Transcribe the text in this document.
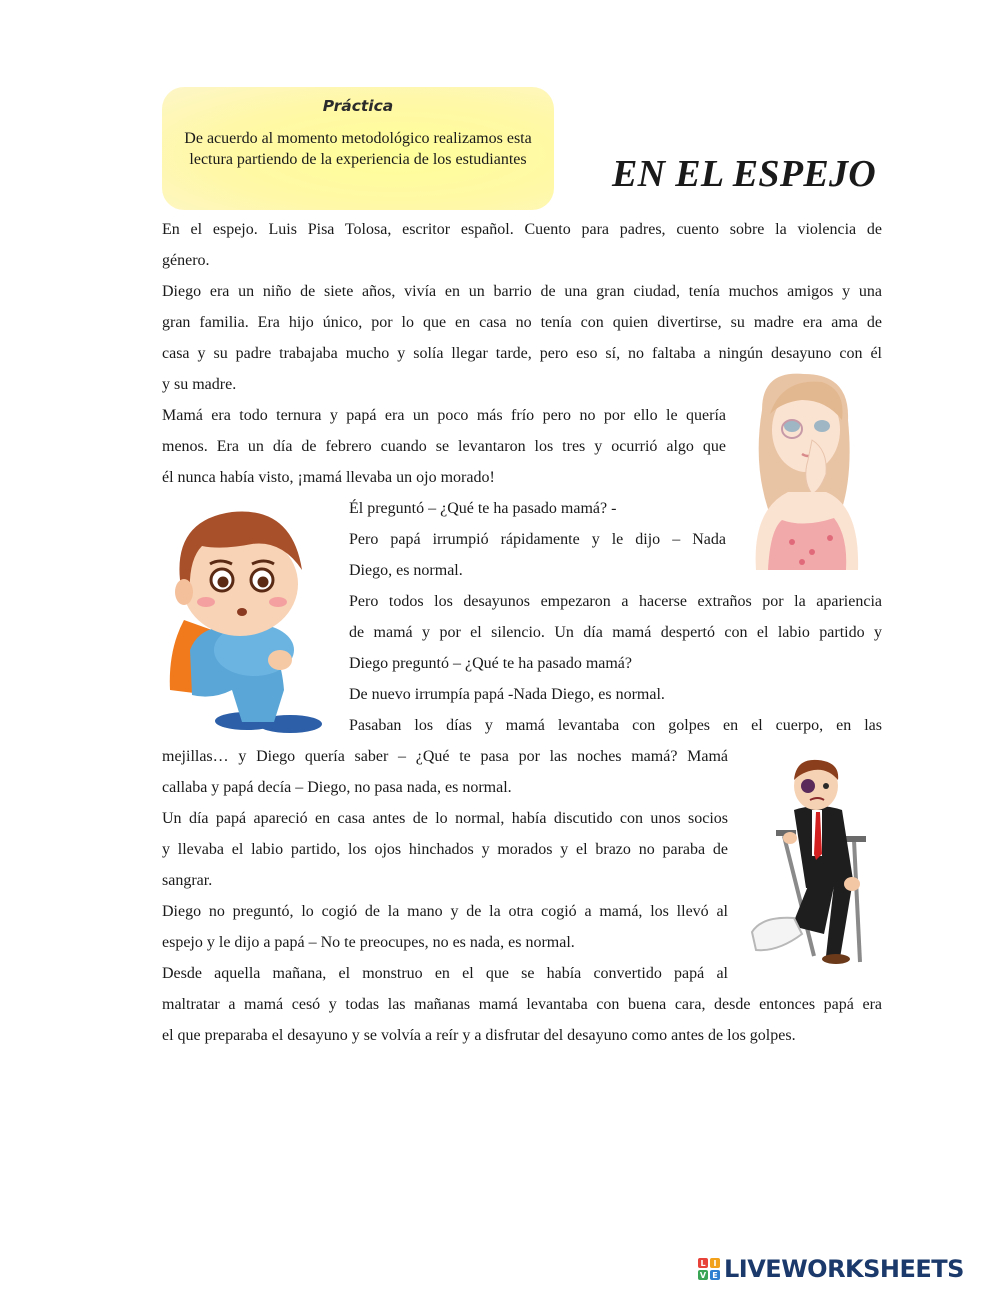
Práctica
De acuerdo al momento metodológico realizamos esta lectura partiendo de la experiencia de los estudiantes	EN EL ESPEJO

En el espejo. Luis Pisa Tolosa, escritor español. Cuento para padres, cuento sobre la violencia de

género.

Diego era un niño de siete años, vivía en un barrio de una gran ciudad, tenía muchos amigos y una

gran familia. Era hijo único, por lo que en casa no tenía con quien divertirse, su madre era ama de

casa y su padre trabajaba mucho y solía llegar tarde, pero eso sí, no faltaba a ningún desayuno con él

y su madre.

Mamá era todo ternura y papá era un poco más frío pero no por ello le quería

menos. Era un día de febrero cuando se levantaron los tres y ocurrió algo que

él nunca había visto, ¡mamá llevaba un ojo morado!

Él preguntó – ¿Qué te ha pasado mamá? -

Pero papá irrumpió rápidamente y le dijo – Nada

Diego, es normal.

Pero todos los desayunos empezaron a hacerse extraños por la apariencia

de mamá y por el silencio. Un día mamá despertó con el labio partido y

Diego preguntó – ¿Qué te ha pasado mamá?

De nuevo irrumpía papá -Nada Diego, es normal.

Pasaban los días y mamá levantaba con golpes en el cuerpo, en las

mejillas… y Diego quería saber – ¿Qué te pasa por las noches mamá? Mamá

callaba y papá decía – Diego, no pasa nada, es normal.

Un día papá apareció en casa antes de lo normal, había discutido con unos socios

y llevaba el labio partido, los ojos hinchados y morados y el brazo no paraba de

sangrar.

Diego no preguntó, lo cogió de la mano y de la otra cogió a mamá, los llevó al

espejo y le dijo a papá – No te preocupes, no es nada, es normal.

Desde aquella mañana, el monstruo en el que se había convertido papá al

maltratar a mamá cesó y todas las mañanas mamá levantaba con buena cara, desde entonces papá era

el que preparaba el desayuno y se volvía a reír y a disfrutar del desayuno como antes de los golpes.

L I
V E LIVEWORKSHEETS
